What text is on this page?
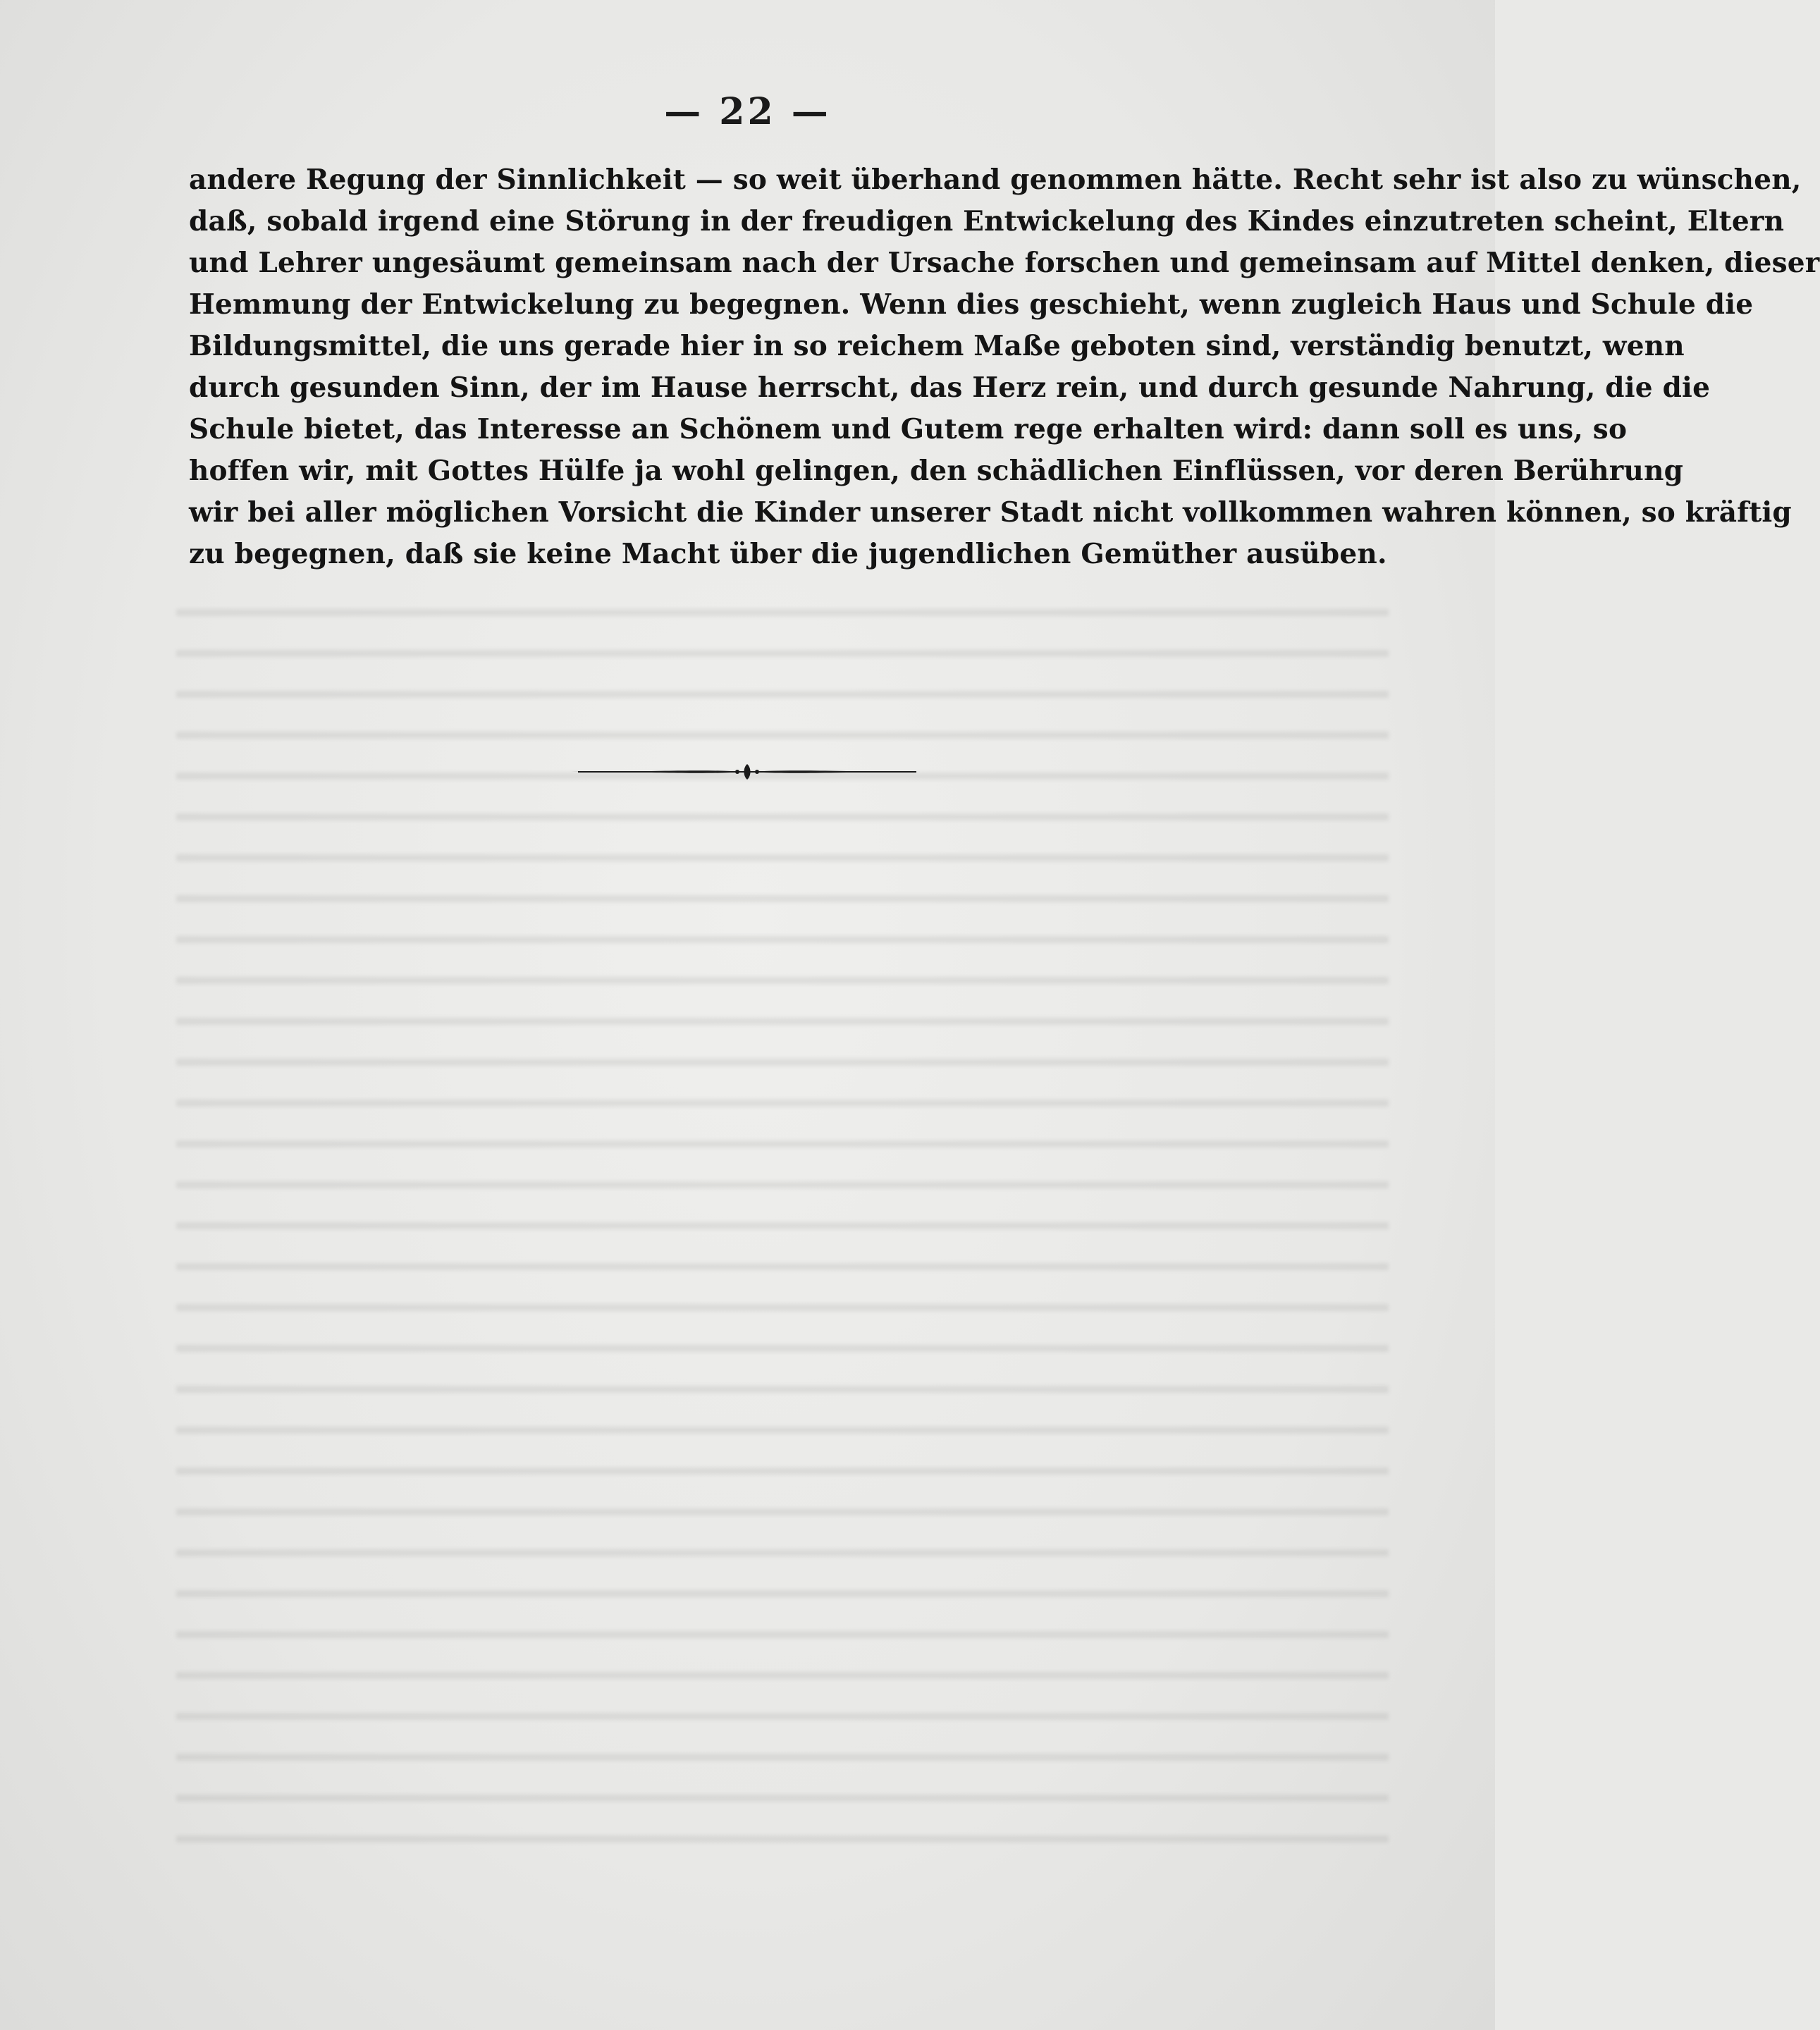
— 22 —
andere Regung der Sinnlichkeit — so weit überhand genommen hätte. Recht sehr ist also zu wünschen,
daß, sobald irgend eine Störung in der freudigen Entwickelung des Kindes einzutreten scheint, Eltern
und Lehrer ungesäumt gemeinsam nach der Ursache forschen und gemeinsam auf Mittel denken, dieser
Hemmung der Entwickelung zu begegnen. Wenn dies geschieht, wenn zugleich Haus und Schule die
Bildungsmittel, die uns gerade hier in so reichem Maße geboten sind, verständig benutzt, wenn
durch gesunden Sinn, der im Hause herrscht, das Herz rein, und durch gesunde Nahrung, die die
Schule bietet, das Interesse an Schönem und Gutem rege erhalten wird: dann soll es uns, so
hoffen wir, mit Gottes Hülfe ja wohl gelingen, den schädlichen Einflüssen, vor deren Berührung
wir bei aller möglichen Vorsicht die Kinder unserer Stadt nicht vollkommen wahren können, so kräftig
zu begegnen, daß sie keine Macht über die jugendlichen Gemüther ausüben.
